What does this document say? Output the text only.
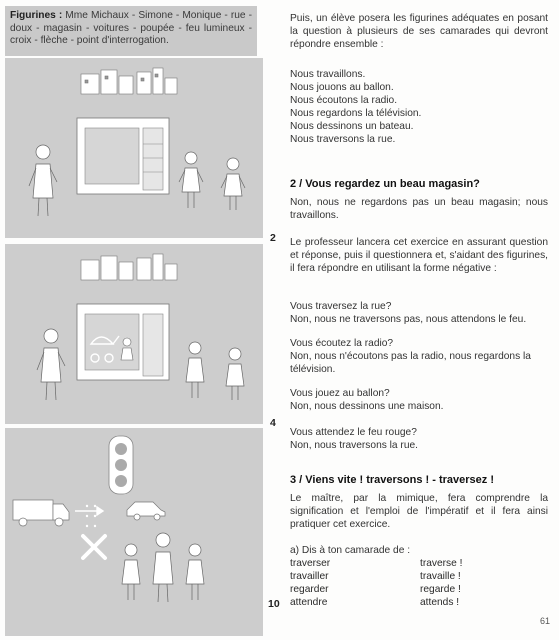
Figurines : Mme Michaux - Simone - Monique - rue - doux - magasin - voitures - poupée - feu lumineux - croix - flèche - point d'interrogation.
2
4
10
Puis, un élève posera les figurines adéquates en posant la question à plusieurs de ses camarades qui devront répondre ensemble :
Nous travaillons.
Nous jouons au ballon.
Nous écoutons la radio.
Nous regardons la télévision.
Nous dessinons un bateau.
Nous traversons la rue.
2 / Vous regardez un beau magasin?
Non, nous ne regardons pas un beau magasin; nous travaillons.
Le professeur lancera cet exercice en assurant question et réponse, puis il questionnera et, s'aidant des figurines, il fera répondre en utilisant la forme négative :
Vous traversez la rue?
Non, nous ne traversons pas, nous attendons le feu.
Vous écoutez la radio?
Non, nous n'écoutons pas la radio, nous regardons la télévision.
Vous jouez au ballon?
Non, nous dessinons une maison.
Vous attendez le feu rouge?
Non, nous traversons la rue.
3 / Viens vite ! traversons ! - traversez !
Le maître, par la mimique, fera comprendre la signification et l'emploi de l'impératif et il fera ainsi pratiquer cet exercice.
a) Dis à ton camarade de :
traverser	traverse !
travailler	travaille !
regarder	regarde !
attendre	attends !
61
